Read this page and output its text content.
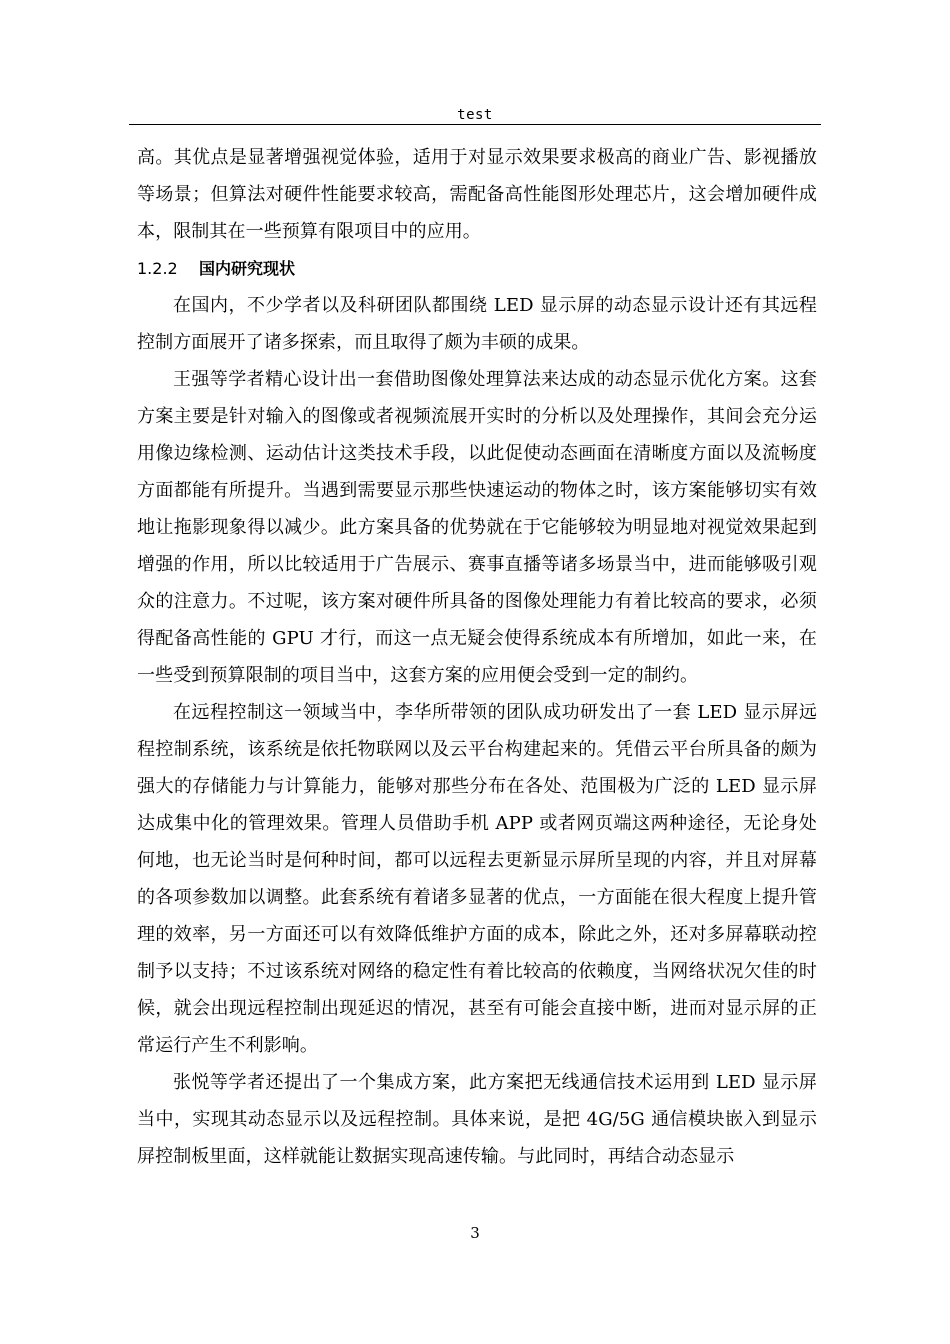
test

高。其优点是显著增强视觉体验，适用于对显示效果要求极高的商业广告、影视播放等场景；但算法对硬件性能要求较高，需配备高性能图形处理芯片，这会增加硬件成本，限制其在一些预算有限项目中的应用。

1.2.2 国内研究现状

在国内，不少学者以及科研团队都围绕 LED 显示屏的动态显示设计还有其远程控制方面展开了诸多探索，而且取得了颇为丰硕的成果。

王强等学者精心设计出一套借助图像处理算法来达成的动态显示优化方案。这套方案主要是针对输入的图像或者视频流展开实时的分析以及处理操作，其间会充分运用像边缘检测、运动估计这类技术手段，以此促使动态画面在清晰度方面以及流畅度方面都能有所提升。当遇到需要显示那些快速运动的物体之时，该方案能够切实有效地让拖影现象得以减少。此方案具备的优势就在于它能够较为明显地对视觉效果起到增强的作用，所以比较适用于广告展示、赛事直播等诸多场景当中，进而能够吸引观众的注意力。不过呢，该方案对硬件所具备的图像处理能力有着比较高的要求，必须得配备高性能的 GPU 才行，而这一点无疑会使得系统成本有所增加，如此一来，在一些受到预算限制的项目当中，这套方案的应用便会受到一定的制约。

在远程控制这一领域当中，李华所带领的团队成功研发出了一套 LED 显示屏远程控制系统，该系统是依托物联网以及云平台构建起来的。凭借云平台所具备的颇为强大的存储能力与计算能力，能够对那些分布在各处、范围极为广泛的 LED 显示屏达成集中化的管理效果。管理人员借助手机 APP 或者网页端这两种途径，无论身处何地，也无论当时是何种时间，都可以远程去更新显示屏所呈现的内容，并且对屏幕的各项参数加以调整。此套系统有着诸多显著的优点，一方面能在很大程度上提升管理的效率，另一方面还可以有效降低维护方面的成本，除此之外，还对多屏幕联动控制予以支持；不过该系统对网络的稳定性有着比较高的依赖度，当网络状况欠佳的时候，就会出现远程控制出现延迟的情况，甚至有可能会直接中断，进而对显示屏的正常运行产生不利影响。

张悦等学者还提出了一个集成方案，此方案把无线通信技术运用到 LED 显示屏当中，实现其动态显示以及远程控制。具体来说，是把 4G/5G 通信模块嵌入到显示屏控制板里面，这样就能让数据实现高速传输。与此同时，再结合动态显示

3
